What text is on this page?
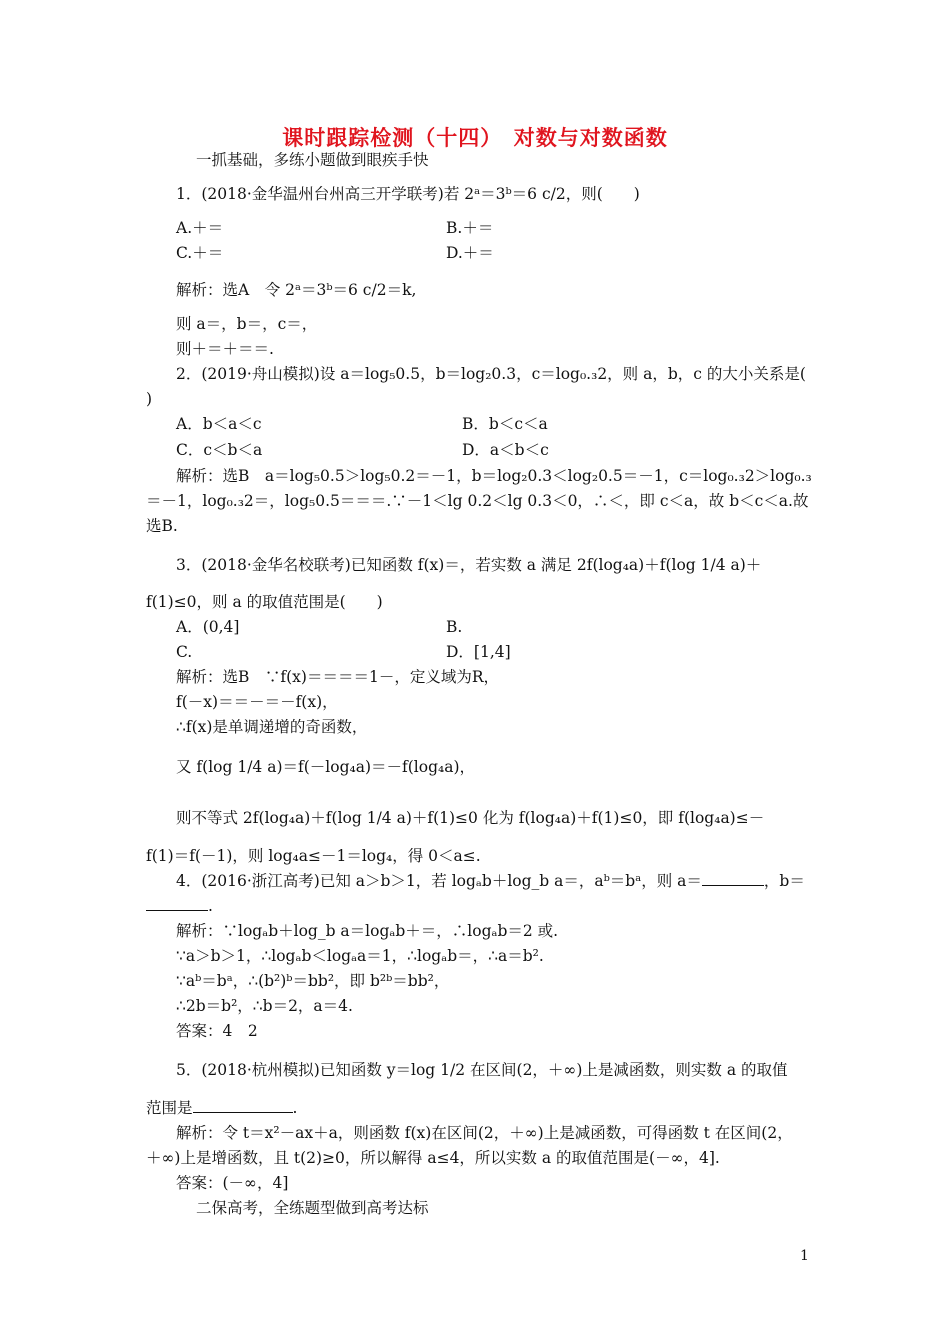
课时跟踪检测（十四）　对数与对数函数
一抓基础，多练小题做到眼疾手快
1．(2018·金华温州台州高三开学联考)若 2ᵃ＝3ᵇ＝6 c/2，则(　　)
A.＋＝	B.＋＝
C.＋＝	D.＋＝
解析：选A　令 2ᵃ＝3ᵇ＝6 c/2＝k,
则 a＝，b＝，c＝，
则＋＝＋＝＝.
2．(2019·舟山模拟)设 a＝log₅0.5，b＝log₂0.3，c＝log₀.₃2，则 a，b，c 的大小关系是(
)
A．b＜a＜c	B．b＜c＜a
C．c＜b＜a	D．a＜b＜c
解析：选B　a＝log₅0.5＞log₅0.2＝－1，b＝log₂0.3＜log₂0.5＝－1，c＝log₀.₃2＞log₀.₃
＝－1，log₀.₃2＝，log₅0.5＝＝＝.∵－1＜lg 0.2＜lg 0.3＜0，∴＜，即 c＜a，故 b＜c＜a.故
选B.
3．(2018·金华名校联考)已知函数 f(x)＝，若实数 a 满足 2f(log₄a)＋f(log 1/4 a)＋
f(1)≤0，则 a 的取值范围是(　　)
A．(0,4]	B.
C.	D．[1,4]
解析：选B　∵f(x)＝＝＝＝1－，定义域为R，
f(－x)＝＝－＝－f(x)，
∴f(x)是单调递增的奇函数，
又 f(log 1/4 a)＝f(－log₄a)＝－f(log₄a)，
则不等式 2f(log₄a)＋f(log 1/4 a)＋f(1)≤0 化为 f(log₄a)＋f(1)≤0，即 f(log₄a)≤－
f(1)＝f(－1)，则 log₄a≤－1＝log₄，得 0＜a≤.
4．(2016·浙江高考)已知 a＞b＞1，若 logₐb＋log_b a＝，aᵇ＝bᵃ，则 a＝	，b＝
.
解析：∵logₐb＋log_b a＝logₐb＋＝，∴logₐb＝2 或.
∵a＞b＞1，∴logₐb＜logₐa＝1，∴logₐb＝，∴a＝b².
∵aᵇ＝bᵃ，∴(b²)ᵇ＝bb²，即 b²ᵇ＝bb²，
∴2b＝b²，∴b＝2，a＝4.
答案：4　2
5．(2018·杭州模拟)已知函数 y＝log 1/2 在区间(2，＋∞)上是减函数，则实数 a 的取值
范围是	.
解析：令 t＝x²－ax＋a，则函数 f(x)在区间(2，＋∞)上是减函数，可得函数 t 在区间(2，
＋∞)上是增函数，且 t(2)≥0，所以解得 a≤4，所以实数 a 的取值范围是(－∞，4].
答案：(－∞，4]
二保高考，全练题型做到高考达标
1
